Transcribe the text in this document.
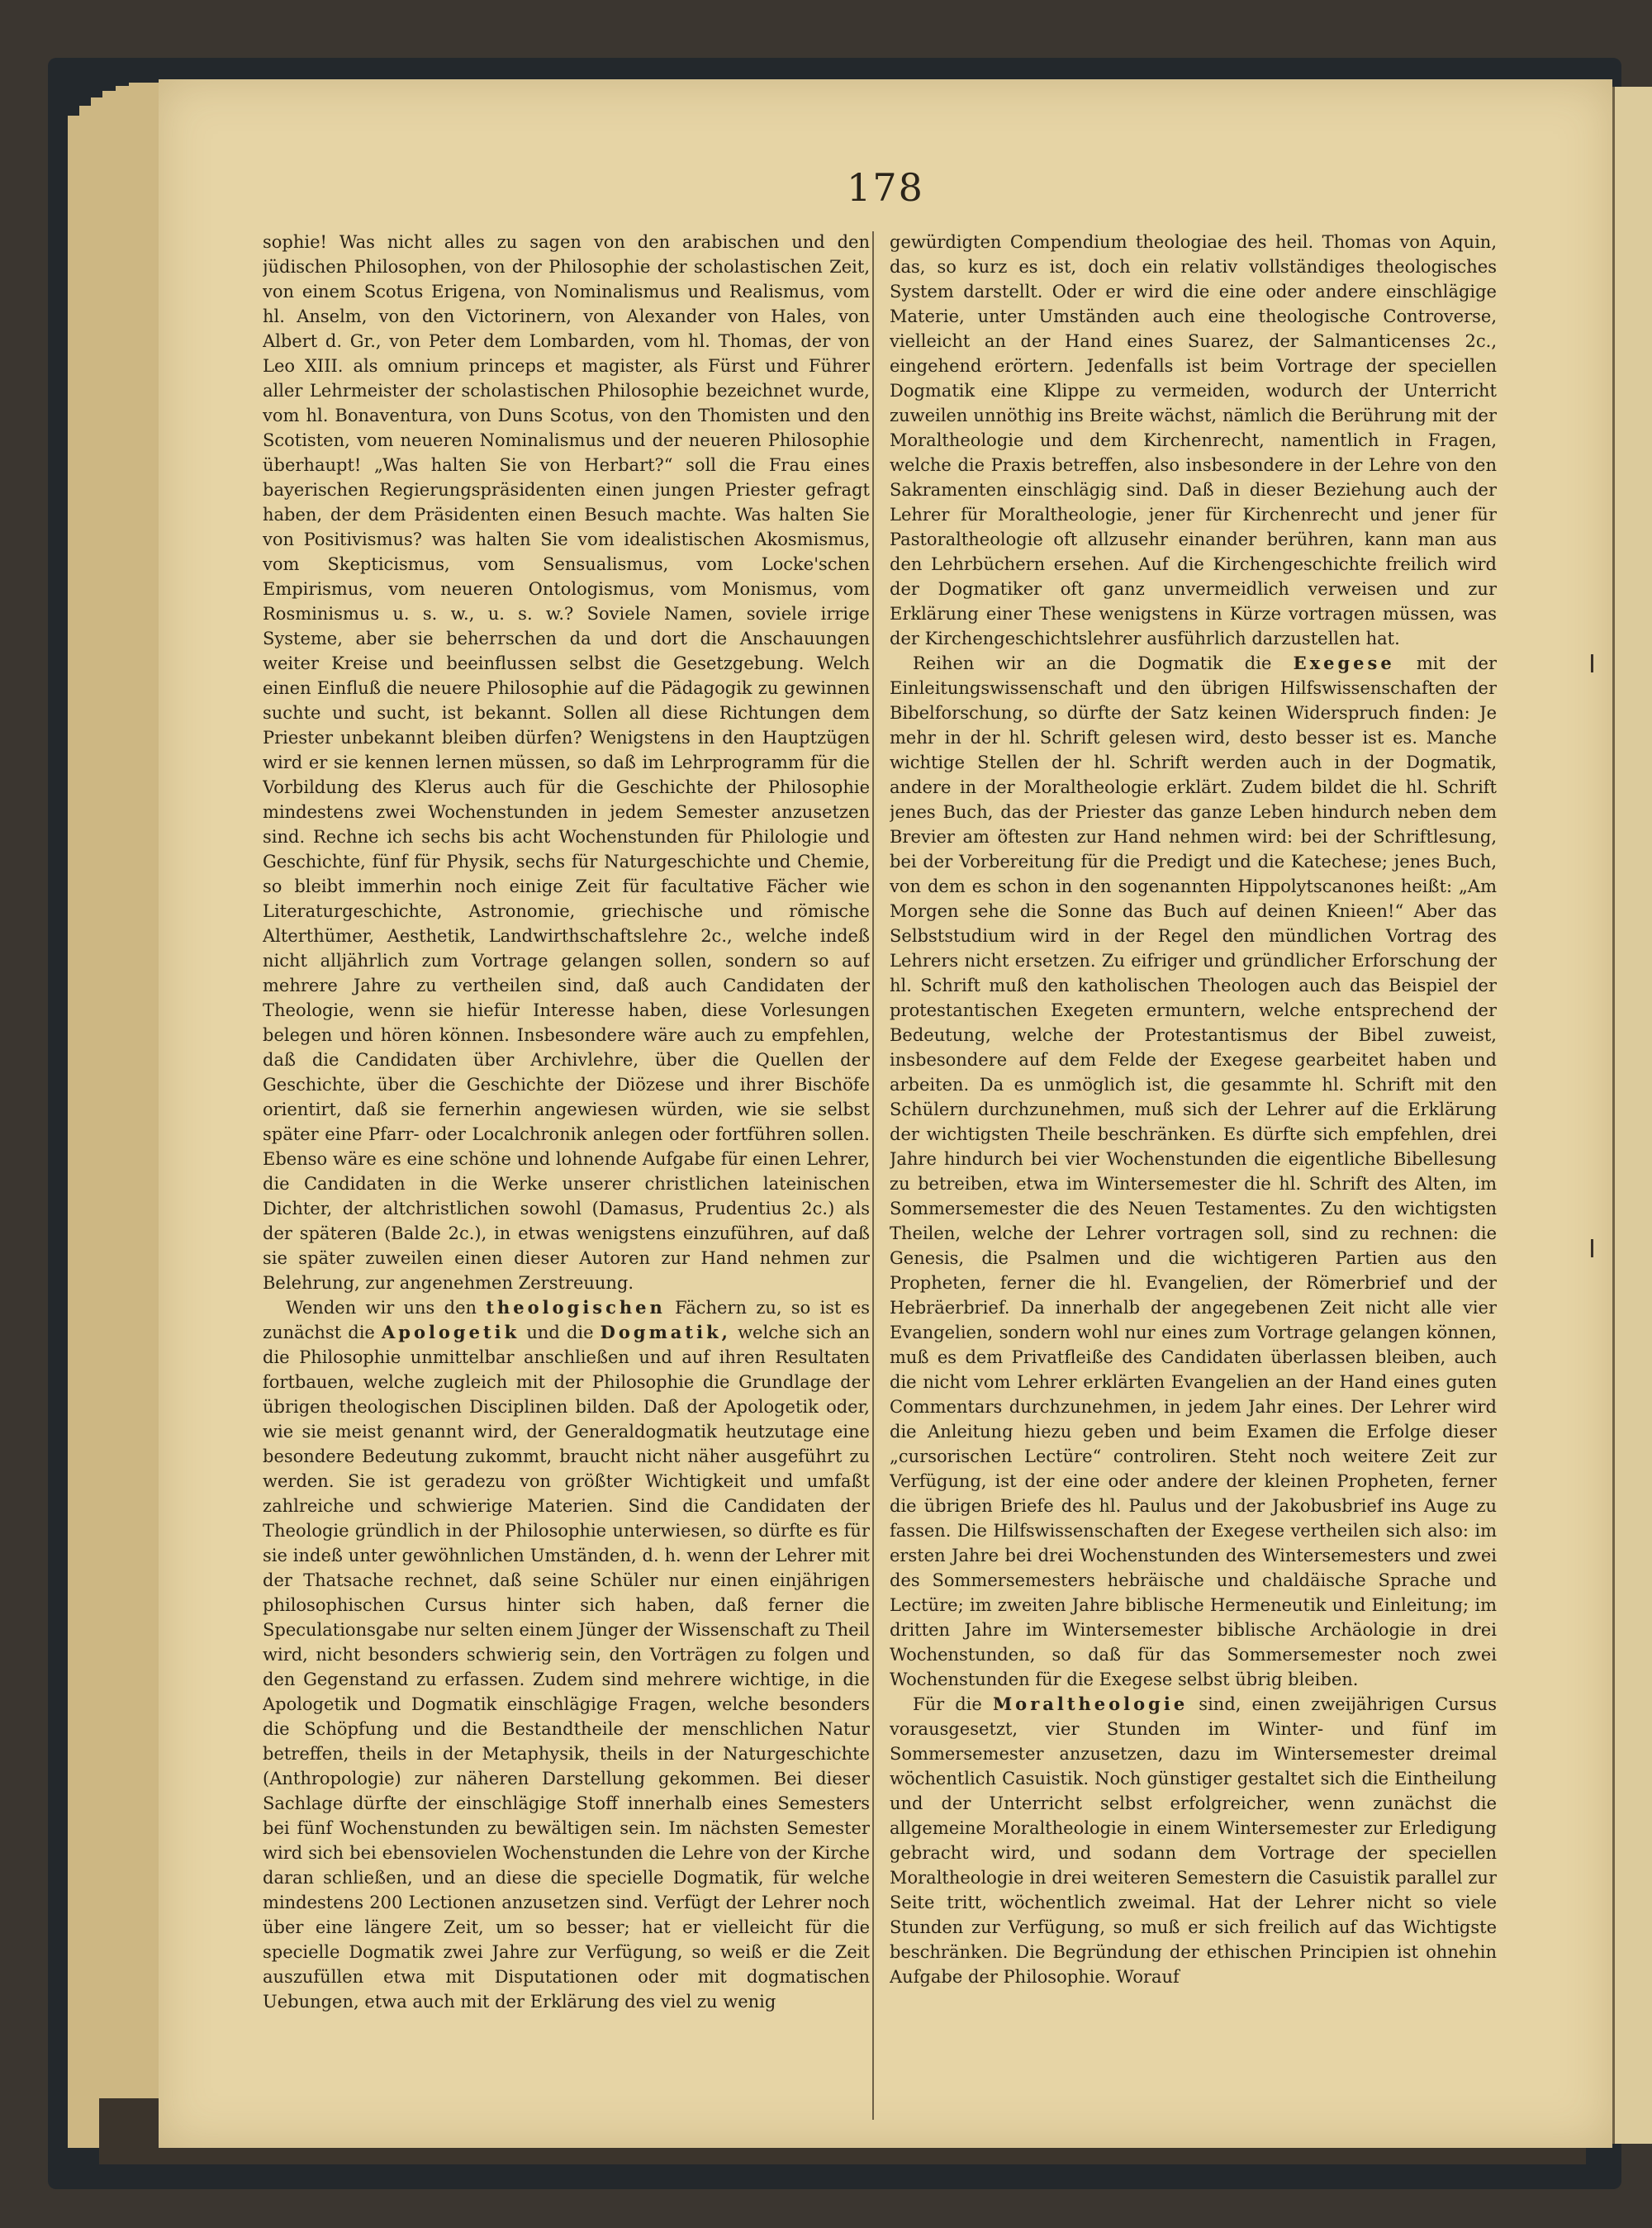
178

sophie! Was nicht alles zu sagen von den arabischen und den jüdischen Philosophen, von der Philosophie der scholastischen Zeit, von einem Scotus Erigena, von Nominalismus und Realismus, vom hl. Anselm, von den Victorinern, von Alexander von Hales, von Albert d. Gr., von Peter dem Lombarden, vom hl. Thomas, der von Leo XIII. als omnium princeps et magister, als Fürst und Führer aller Lehrmeister der scholastischen Philosophie bezeichnet wurde, vom hl. Bonaventura, von Duns Scotus, von den Thomisten und den Scotisten, vom neueren Nominalismus und der neueren Philosophie überhaupt! „Was halten Sie von Herbart?“ soll die Frau eines bayerischen Regierungspräsidenten einen jungen Priester gefragt haben, der dem Präsidenten einen Besuch machte. Was halten Sie von Positivismus? was halten Sie vom idealistischen Akosmismus, vom Skepticismus, vom Sensualismus, vom Locke'schen Empirismus, vom neueren Ontologismus, vom Monismus, vom Rosminismus u. s. w., u. s. w.? Soviele Namen, soviele irrige Systeme, aber sie beherrschen da und dort die Anschauungen weiter Kreise und beeinflussen selbst die Gesetzgebung. Welch einen Einfluß die neuere Philosophie auf die Pädagogik zu gewinnen suchte und sucht, ist bekannt. Sollen all diese Richtungen dem Priester unbekannt bleiben dürfen? Wenigstens in den Hauptzügen wird er sie kennen lernen müssen, so daß im Lehrprogramm für die Vorbildung des Klerus auch für die Geschichte der Philosophie mindestens zwei Wochenstunden in jedem Semester anzusetzen sind. Rechne ich sechs bis acht Wochenstunden für Philologie und Geschichte, fünf für Physik, sechs für Naturgeschichte und Chemie, so bleibt immerhin noch einige Zeit für facultative Fächer wie Literaturgeschichte, Astronomie, griechische und römische Alterthümer, Aesthetik, Landwirthschaftslehre 2c., welche indeß nicht alljährlich zum Vortrage gelangen sollen, sondern so auf mehrere Jahre zu vertheilen sind, daß auch Candidaten der Theologie, wenn sie hiefür Interesse haben, diese Vorlesungen belegen und hören können. Insbesondere wäre auch zu empfehlen, daß die Candidaten über Archivlehre, über die Quellen der Geschichte, über die Geschichte der Diözese und ihrer Bischöfe orientirt, daß sie fernerhin angewiesen würden, wie sie selbst später eine Pfarr- oder Localchronik anlegen oder fortführen sollen. Ebenso wäre es eine schöne und lohnende Aufgabe für einen Lehrer, die Candidaten in die Werke unserer christlichen lateinischen Dichter, der altchristlichen sowohl (Damasus, Prudentius 2c.) als der späteren (Balde 2c.), in etwas wenigstens einzuführen, auf daß sie später zuweilen einen dieser Autoren zur Hand nehmen zur Belehrung, zur angenehmen Zerstreuung.

Wenden wir uns den theologischen Fächern zu, so ist es zunächst die Apologetik und die Dogmatik, welche sich an die Philosophie unmittelbar anschließen und auf ihren Resultaten fortbauen, welche zugleich mit der Philosophie die Grundlage der übrigen theologischen Disciplinen bilden. Daß der Apologetik oder, wie sie meist genannt wird, der Generaldogmatik heutzutage eine besondere Bedeutung zukommt, braucht nicht näher ausgeführt zu werden. Sie ist geradezu von größter Wichtigkeit und umfaßt zahlreiche und schwierige Materien. Sind die Candidaten der Theologie gründlich in der Philosophie unterwiesen, so dürfte es für sie indeß unter gewöhnlichen Umständen, d. h. wenn der Lehrer mit der Thatsache rechnet, daß seine Schüler nur einen einjährigen philosophischen Cursus hinter sich haben, daß ferner die Speculationsgabe nur selten einem Jünger der Wissenschaft zu Theil wird, nicht besonders schwierig sein, den Vorträgen zu folgen und den Gegenstand zu erfassen. Zudem sind mehrere wichtige, in die Apologetik und Dogmatik einschlägige Fragen, welche besonders die Schöpfung und die Bestandtheile der menschlichen Natur betreffen, theils in der Metaphysik, theils in der Naturgeschichte (Anthropologie) zur näheren Darstellung gekommen. Bei dieser Sachlage dürfte der einschlägige Stoff innerhalb eines Semesters bei fünf Wochenstunden zu bewältigen sein. Im nächsten Semester wird sich bei ebensovielen Wochenstunden die Lehre von der Kirche daran schließen, und an diese die specielle Dogmatik, für welche mindestens 200 Lectionen anzusetzen sind. Verfügt der Lehrer noch über eine längere Zeit, um so besser; hat er vielleicht für die specielle Dogmatik zwei Jahre zur Verfügung, so weiß er die Zeit auszufüllen etwa mit Disputationen oder mit dogmatischen Uebungen, etwa auch mit der Erklärung des viel zu wenig

gewürdigten Compendium theologiae des heil. Thomas von Aquin, das, so kurz es ist, doch ein relativ vollständiges theologisches System darstellt. Oder er wird die eine oder andere einschlägige Materie, unter Umständen auch eine theologische Controverse, vielleicht an der Hand eines Suarez, der Salmanticenses 2c., eingehend erörtern. Jedenfalls ist beim Vortrage der speciellen Dogmatik eine Klippe zu vermeiden, wodurch der Unterricht zuweilen unnöthig ins Breite wächst, nämlich die Berührung mit der Moraltheologie und dem Kirchenrecht, namentlich in Fragen, welche die Praxis betreffen, also insbesondere in der Lehre von den Sakramenten einschlägig sind. Daß in dieser Beziehung auch der Lehrer für Moraltheologie, jener für Kirchenrecht und jener für Pastoraltheologie oft allzusehr einander berühren, kann man aus den Lehrbüchern ersehen. Auf die Kirchengeschichte freilich wird der Dogmatiker oft ganz unvermeidlich verweisen und zur Erklärung einer These wenigstens in Kürze vortragen müssen, was der Kirchengeschichtslehrer ausführlich darzustellen hat.

Reihen wir an die Dogmatik die Exegese mit der Einleitungswissenschaft und den übrigen Hilfswissenschaften der Bibelforschung, so dürfte der Satz keinen Widerspruch finden: Je mehr in der hl. Schrift gelesen wird, desto besser ist es. Manche wichtige Stellen der hl. Schrift werden auch in der Dogmatik, andere in der Moraltheologie erklärt. Zudem bildet die hl. Schrift jenes Buch, das der Priester das ganze Leben hindurch neben dem Brevier am öftesten zur Hand nehmen wird: bei der Schriftlesung, bei der Vorbereitung für die Predigt und die Katechese; jenes Buch, von dem es schon in den sogenannten Hippolytscanones heißt: „Am Morgen sehe die Sonne das Buch auf deinen Knieen!“ Aber das Selbststudium wird in der Regel den mündlichen Vortrag des Lehrers nicht ersetzen. Zu eifriger und gründlicher Erforschung der hl. Schrift muß den katholischen Theologen auch das Beispiel der protestantischen Exegeten ermuntern, welche entsprechend der Bedeutung, welche der Protestantismus der Bibel zuweist, insbesondere auf dem Felde der Exegese gearbeitet haben und arbeiten. Da es unmöglich ist, die gesammte hl. Schrift mit den Schülern durchzunehmen, muß sich der Lehrer auf die Erklärung der wichtigsten Theile beschränken. Es dürfte sich empfehlen, drei Jahre hindurch bei vier Wochenstunden die eigentliche Bibellesung zu betreiben, etwa im Wintersemester die hl. Schrift des Alten, im Sommersemester die des Neuen Testamentes. Zu den wichtigsten Theilen, welche der Lehrer vortragen soll, sind zu rechnen: die Genesis, die Psalmen und die wichtigeren Partien aus den Propheten, ferner die hl. Evangelien, der Römerbrief und der Hebräerbrief. Da innerhalb der angegebenen Zeit nicht alle vier Evangelien, sondern wohl nur eines zum Vortrage gelangen können, muß es dem Privatfleiße des Candidaten überlassen bleiben, auch die nicht vom Lehrer erklärten Evangelien an der Hand eines guten Commentars durchzunehmen, in jedem Jahr eines. Der Lehrer wird die Anleitung hiezu geben und beim Examen die Erfolge dieser „cursorischen Lectüre“ controliren. Steht noch weitere Zeit zur Verfügung, ist der eine oder andere der kleinen Propheten, ferner die übrigen Briefe des hl. Paulus und der Jakobusbrief ins Auge zu fassen. Die Hilfswissenschaften der Exegese vertheilen sich also: im ersten Jahre bei drei Wochenstunden des Wintersemesters und zwei des Sommersemesters hebräische und chaldäische Sprache und Lectüre; im zweiten Jahre biblische Hermeneutik und Einleitung; im dritten Jahre im Wintersemester biblische Archäologie in drei Wochenstunden, so daß für das Sommersemester noch zwei Wochenstunden für die Exegese selbst übrig bleiben.

Für die Moraltheologie sind, einen zweijährigen Cursus vorausgesetzt, vier Stunden im Winter- und fünf im Sommersemester anzusetzen, dazu im Wintersemester dreimal wöchentlich Casuistik. Noch günstiger gestaltet sich die Eintheilung und der Unterricht selbst erfolgreicher, wenn zunächst die allgemeine Moraltheologie in einem Wintersemester zur Erledigung gebracht wird, und sodann dem Vortrage der speciellen Moraltheologie in drei weiteren Semestern die Casuistik parallel zur Seite tritt, wöchentlich zweimal. Hat der Lehrer nicht so viele Stunden zur Verfügung, so muß er sich freilich auf das Wichtigste beschränken. Die Begründung der ethischen Principien ist ohnehin Aufgabe der Philosophie. Worauf
